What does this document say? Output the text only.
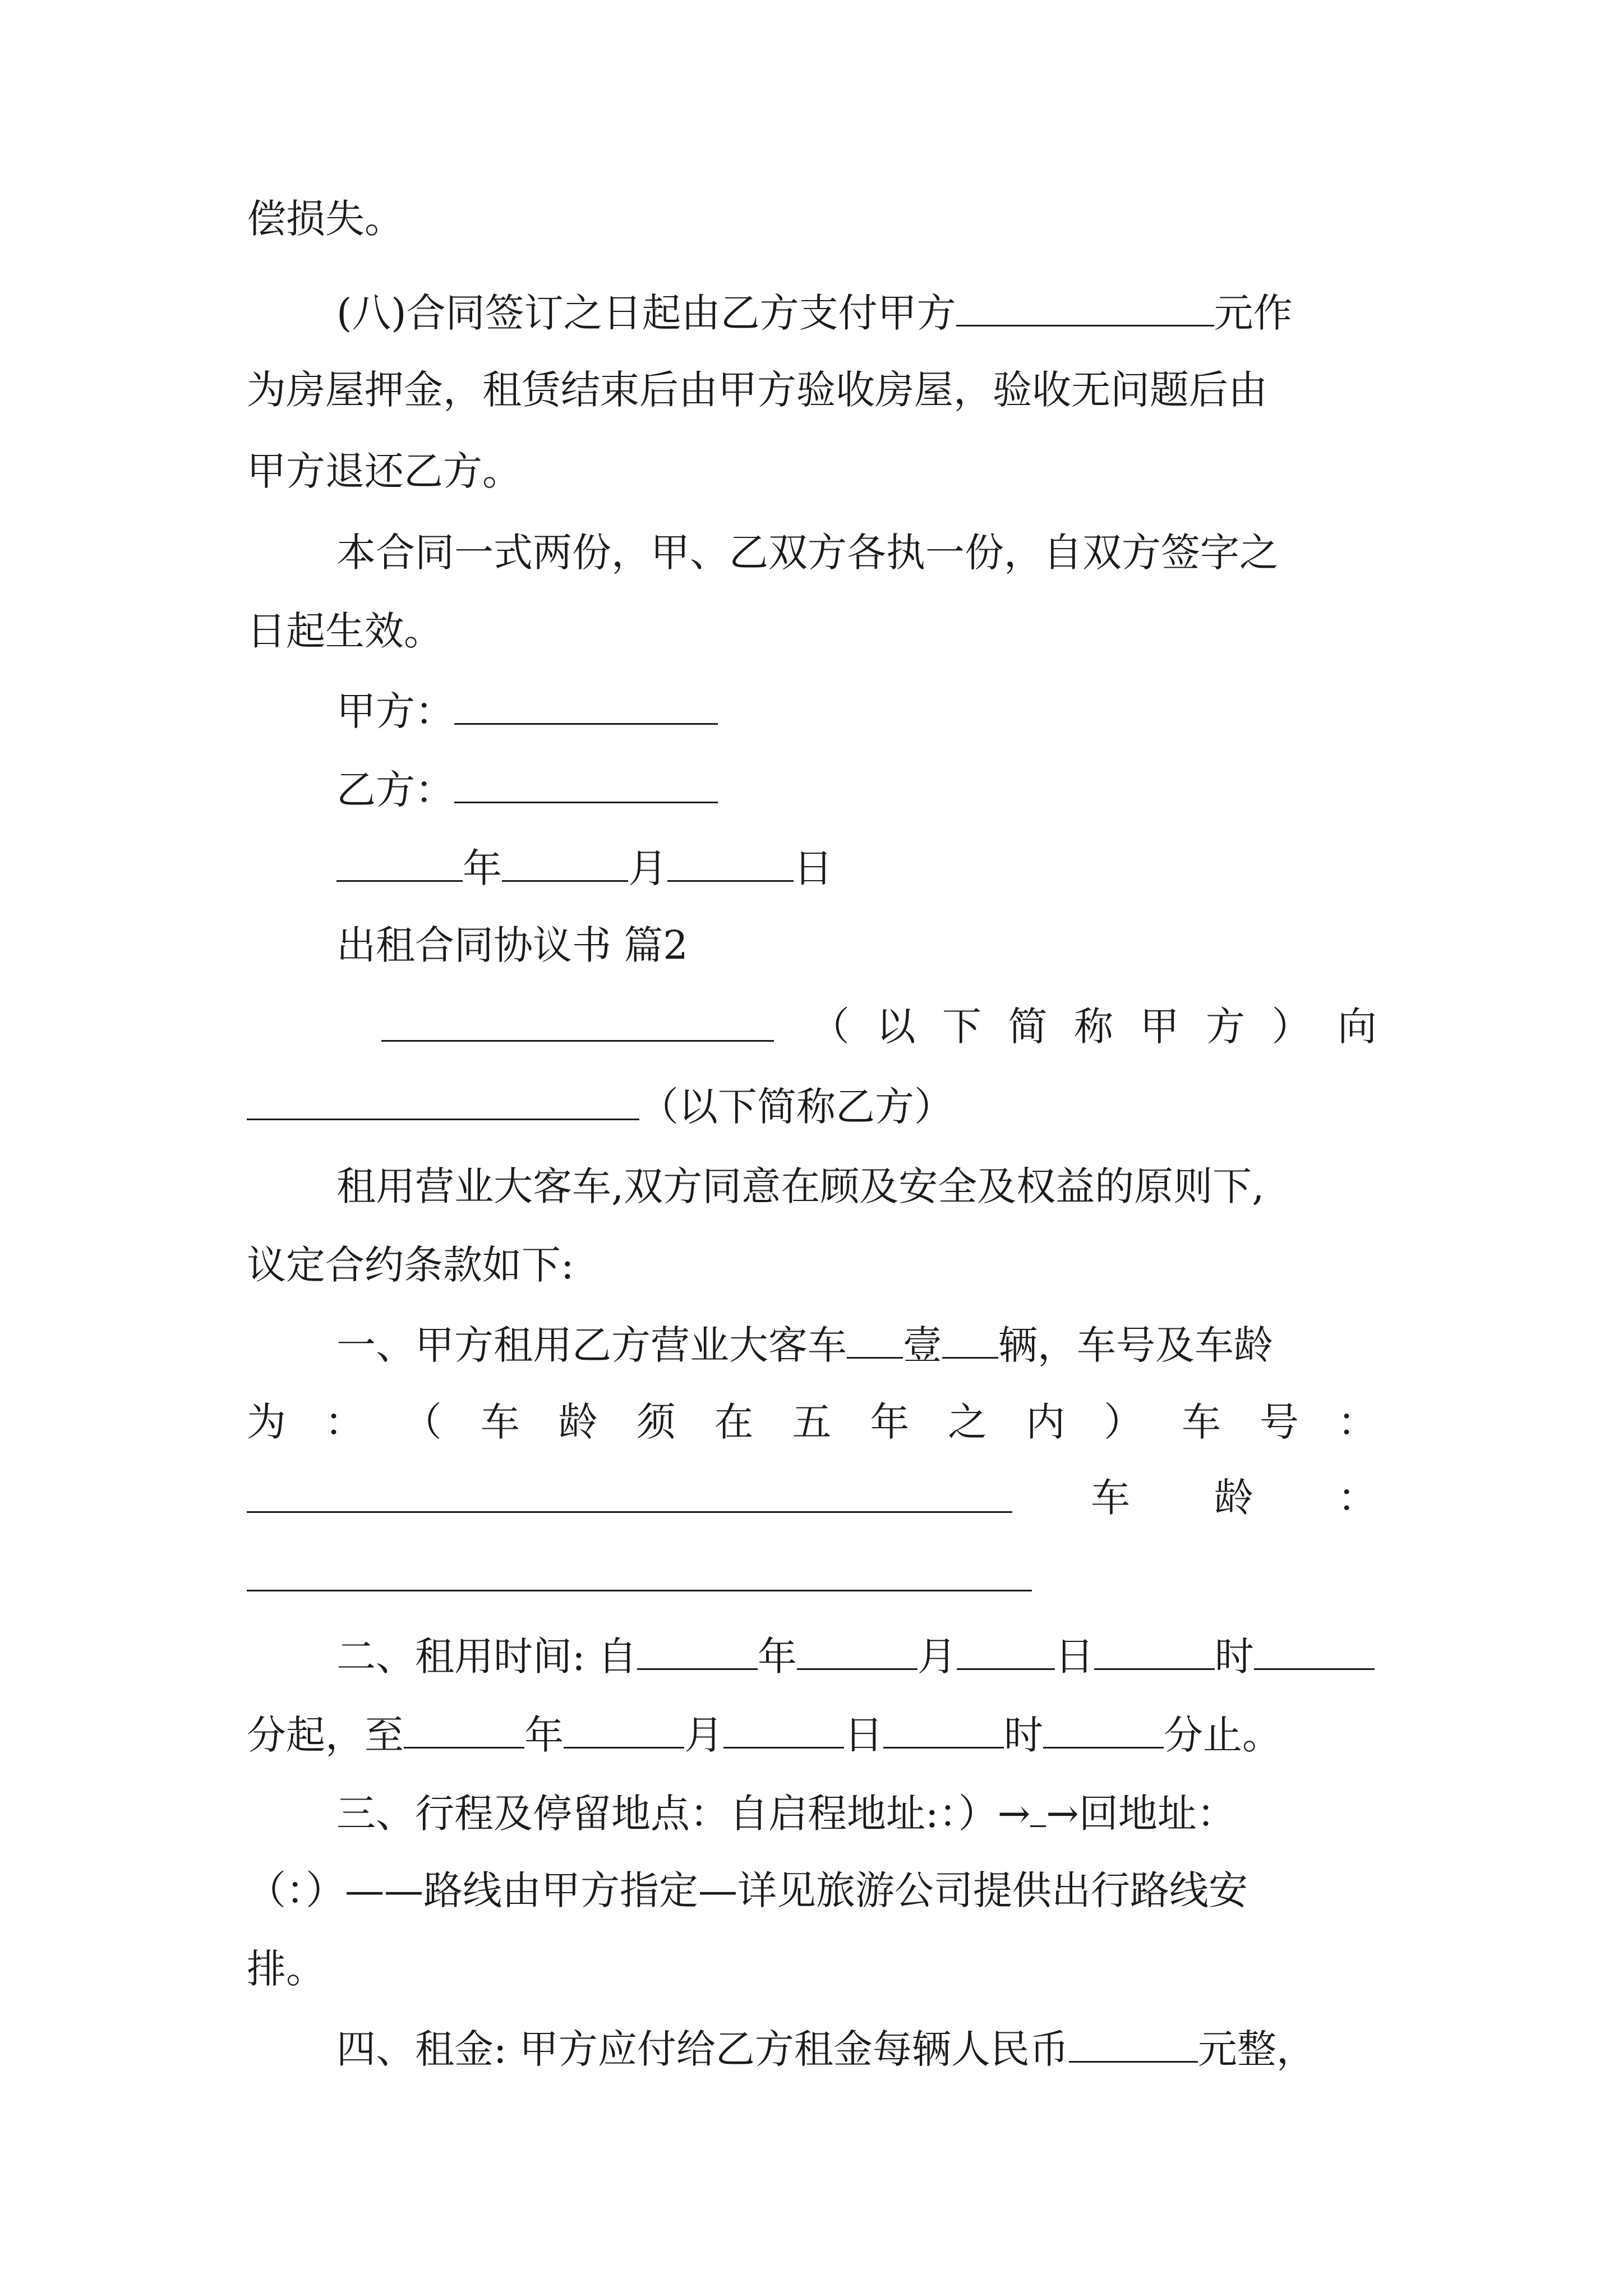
偿损失。
(八)合同签订之日起由乙方支付甲方	元作
为房屋押金，租赁结束后由甲方验收房屋，验收无问题后由
甲方退还乙方。
本合同一式两份，甲、乙双方各执一份，自双方签字之
日起生效。
甲方：
乙方：
年	月	日
出租合同协议书 篇2
（ 以 下 简 称 甲 方 ） 向
（以下简称乙方）
租用营业大客车,双方同意在顾及安全及权益的原则下,
议定合约条款如下:
一、甲方租用乙方营业大客车 壹 辆，车号及车龄
为 ： （ 车 龄 须 在 五 年 之 内 ） 车 号 ：
车 龄 ：
二、租用时间: 自	年	月	日	时
分起，至	年	月	日	时	分止。
三、行程及停留地点：自启程地址:：）→ →回地址：
（：）——路线由甲方指定—详见旅游公司提供出行路线安
排。
四、租金: 甲方应付给乙方租金每辆人民币	元整，
